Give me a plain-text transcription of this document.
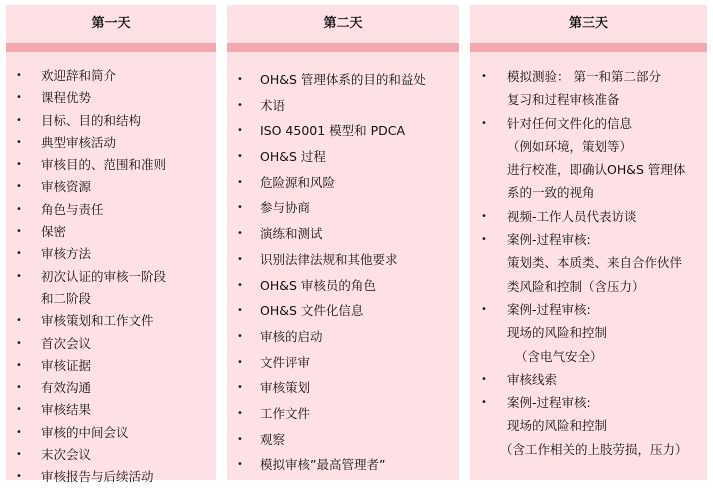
第一天
• 欢迎辞和简介
• 课程优势
• 目标、目的和结构
• 典型审核活动
• 审核目的、范围和准则
• 审核资源
• 角色与责任
• 保密
• 审核方法
• 初次认证的审核一阶段
和二阶段
• 审核策划和工作文件
• 首次会议
• 审核证据
• 有效沟通
• 审核结果
• 审核的中间会议
• 末次会议
• 审核报告与后续活动
第二天
• OH&S 管理体系的目的和益处
• 术语
• ISO 45001 模型和 PDCA
• OH&S 过程
• 危险源和风险
• 参与协商
• 演练和测试
• 识别法律法规和其他要求
• OH&S 审核员的角色
• OH&S 文件化信息
• 审核的启动
• 文件评审
• 审核策划
• 工作文件
• 观察
• 模拟审核”最高管理者”
第三天
• 模拟测验： 第一和第二部分
复习和过程审核准备
• 针对任何文件化的信息
（例如环境，策划等）
进行校准，即确认OH&S 管理体
系的一致的视角
• 视频-工作人员代表访谈
• 案例-过程审核:
策划类、本质类、来自合作伙伴
类风险和控制（含压力）
• 案例-过程审核:
现场的风险和控制
（含电气安全）
• 审核线索
• 案例-过程审核:
现场的风险和控制
（含工作相关的上肢劳损，压力）
